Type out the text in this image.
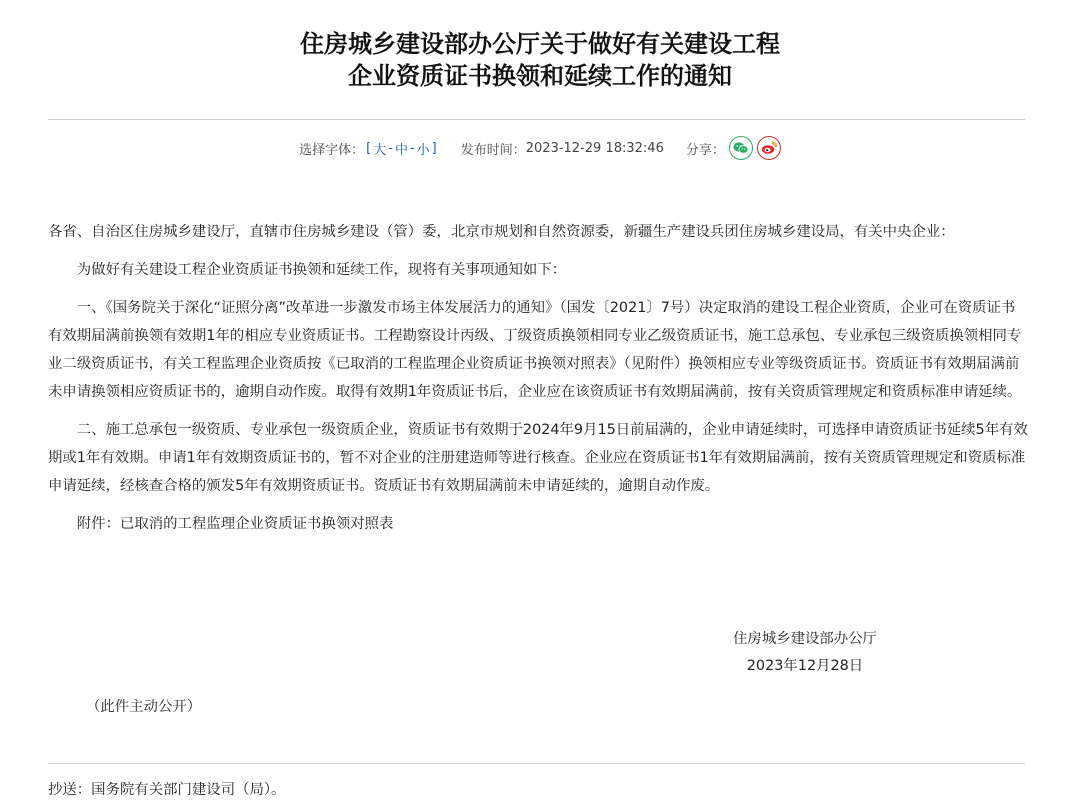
住房城乡建设部办公厅关于做好有关建设工程
企业资质证书换领和延续工作的通知
选择字体： [ 大 - 中 - 小 ] 发布时间： 2023-12-29 18:32:46 分享：

各省、自治区住房城乡建设厅，直辖市住房城乡建设（管）委，北京市规划和自然资源委，新疆生产建设兵团住房城乡建设局，有关中央企业：

为做好有关建设工程企业资质证书换领和延续工作，现将有关事项通知如下：

一、《国务院关于深化“证照分离”改革进一步激发市场主体发展活力的通知》（国发〔2021〕7号）决定取消的建设工程企业资质，企业可在资质证书有效期届满前换领有效期1年的相应专业资质证书。工程勘察设计丙级、丁级资质换领相同专业乙级资质证书，施工总承包、专业承包三级资质换领相同专业二级资质证书，有关工程监理企业资质按《已取消的工程监理企业资质证书换领对照表》（见附件）换领相应专业等级资质证书。资质证书有效期届满前未申请换领相应资质证书的，逾期自动作废。取得有效期1年资质证书后，企业应在该资质证书有效期届满前，按有关资质管理规定和资质标准申请延续。

二、施工总承包一级资质、专业承包一级资质企业，资质证书有效期于2024年9月15日前届满的，企业申请延续时，可选择申请资质证书延续5年有效期或1年有效期。申请1年有效期资质证书的，暂不对企业的注册建造师等进行核查。企业应在资质证书1年有效期届满前，按有关资质管理规定和资质标准申请延续，经核查合格的颁发5年有效期资质证书。资质证书有效期届满前未申请延续的，逾期自动作废。

附件：已取消的工程监理企业资质证书换领对照表

住房城乡建设部办公厅
2023年12月28日
（此件主动公开）
抄送：国务院有关部门建设司（局）。
